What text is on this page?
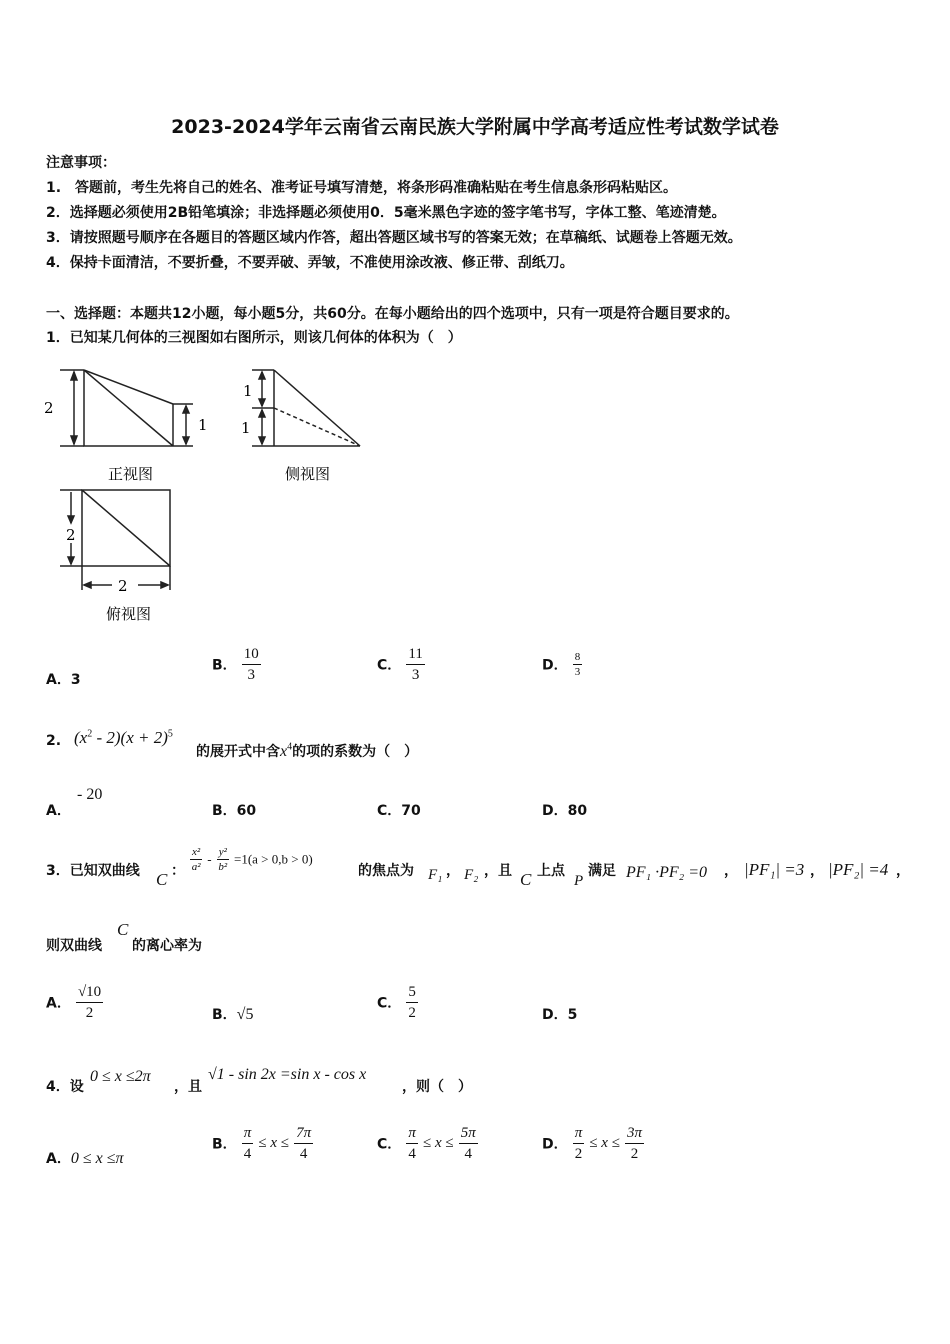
2023-2024学年云南省云南民族大学附属中学高考适应性考试数学试卷
注意事项：
1.　答题前，考生先将自己的姓名、准考证号填写清楚，将条形码准确粘贴在考生信息条形码粘贴区。
2．选择题必须使用2B铅笔填涂；非选择题必须使用0．5毫米黑色字迹的签字笔书写，字体工整、笔迹清楚。
3．请按照题号顺序在各题目的答题区域内作答，超出答题区域书写的答案无效；在草稿纸、试题卷上答题无效。
4．保持卡面清洁，不要折叠，不要弄破、弄皱，不准使用涂改液、修正带、刮纸刀。
一、选择题：本题共12小题，每小题5分，共60分。在每小题给出的四个选项中，只有一项是符合题目要求的。
1．已知某几何体的三视图如右图所示，则该几何体的体积为（　）
2
1
正视图
1
1
侧视图
2
2
俯视图
A．3
B． $\frac{10}{3}$	C． $\frac{11}{3}$	D． $\frac{8}{3}$
2. $(x^2 - 2)(x + 2)^5$
的展开式中含$x^4$的项的系数为（　）
A．
- 20
B．60	C．70	D．80
3．已知双曲线 C ： $\frac{\text{x²}}{\text{a²}} - \frac{\text{y²}}{\text{b²}} =1(a > 0,b > 0)$
的焦点为 F₁ ， F₂ ，且 C 上点
P
满足 PF₁ ·PF₂ =0 ， |PF₁| =3 ， |PF₂| =4 ，
则双曲线
C
的离心率为
A． $\frac{√10}{2}$	B．√5
C． $\frac{5}{2}$	D．5
4．设
0 ≤ x ≤2π
，且
√1 - sin 2x =sin x - cos x
，则（　）
A．0 ≤ x ≤π
B． $\frac{\pi}{4} \le x \le \frac{7\pi}{4}$	C． $\frac{\pi}{4} \le x \le \frac{5\pi}{4}$	D． $\frac{\pi}{2} \le x \le \frac{3\pi}{2}$
